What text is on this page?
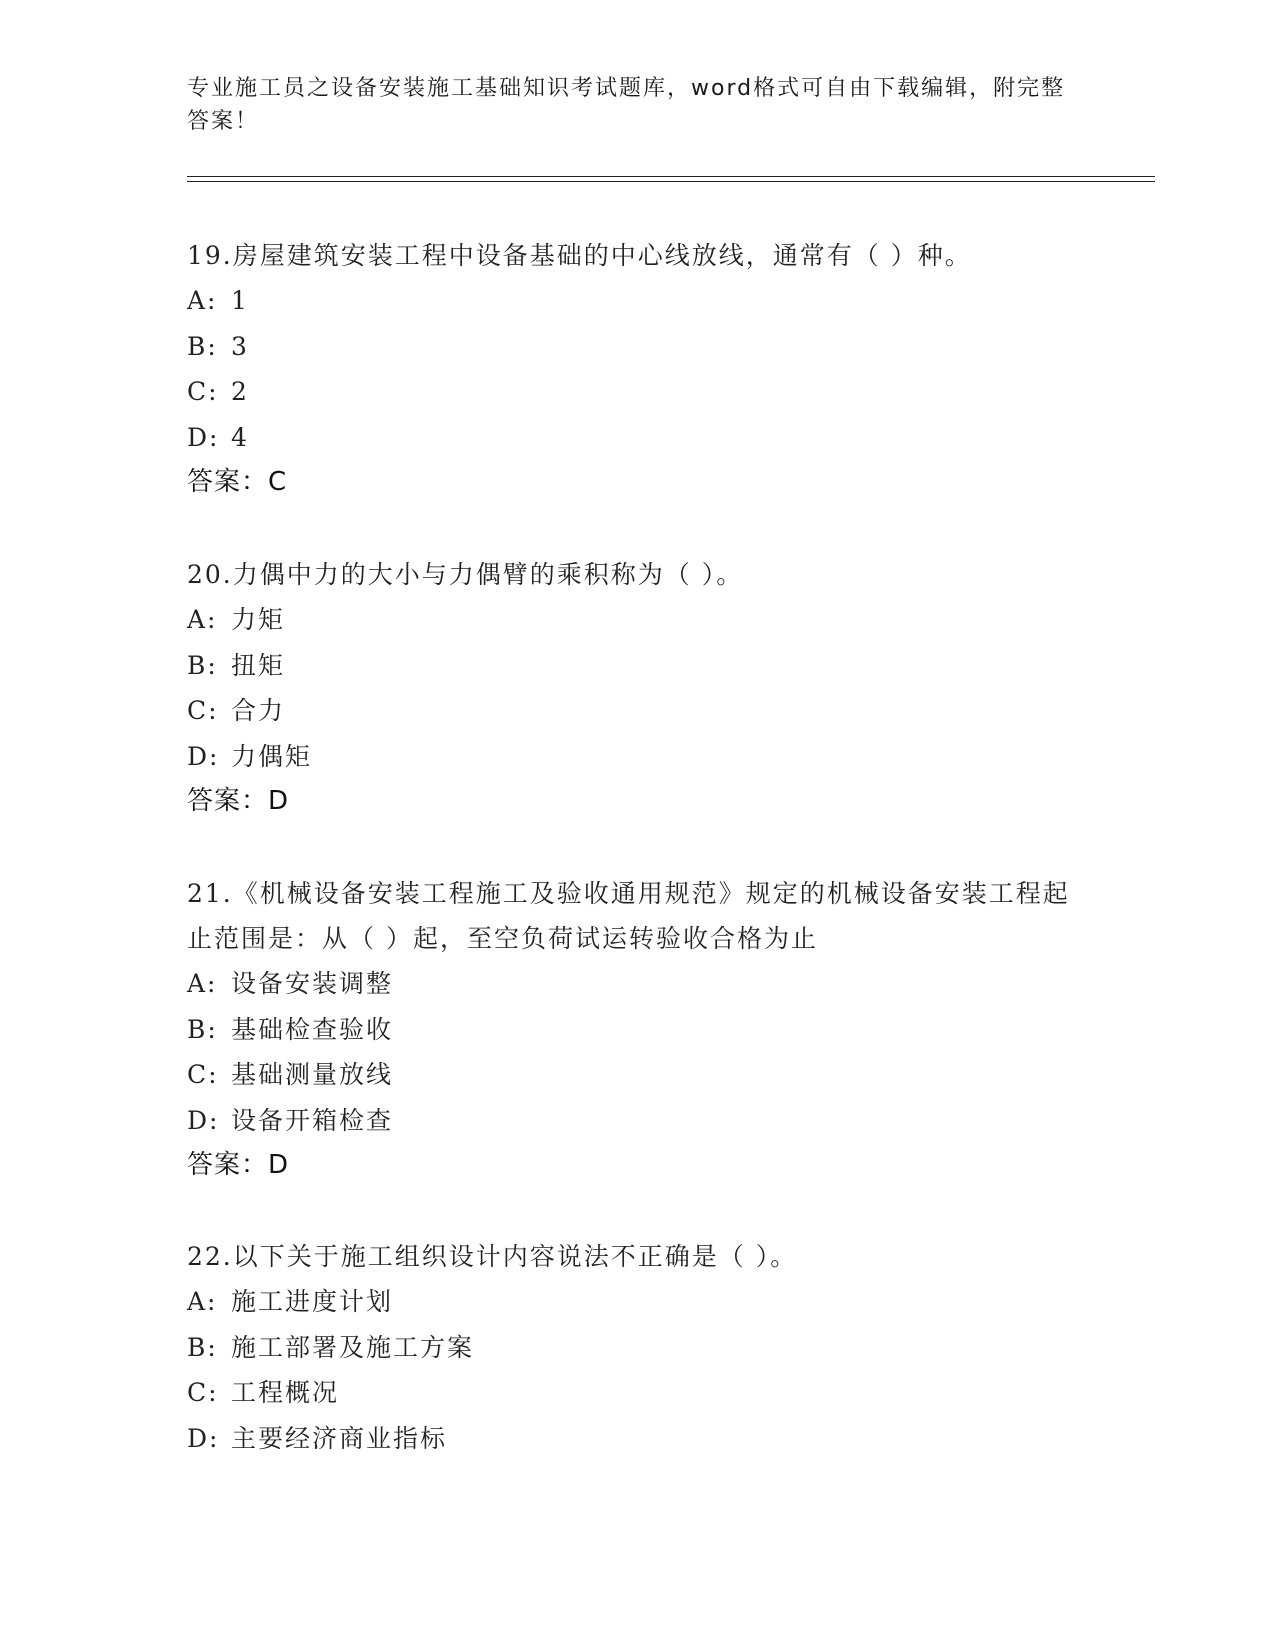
专业施工员之设备安装施工基础知识考试题库，word格式可自由下载编辑，附完整答案！

19.房屋建筑安装工程中设备基础的中心线放线，通常有（ ）种。

A: 1
B: 3
C: 2
D: 4
答案：C

20.力偶中力的大小与力偶臂的乘积称为（ ）。

A: 力矩
B: 扭矩
C: 合力
D: 力偶矩
答案：D

21.《机械设备安装工程施工及验收通用规范》规定的机械设备安装工程起止范围是：从（ ）起，至空负荷试运转验收合格为止

A: 设备安装调整
B: 基础检查验收
C: 基础测量放线
D: 设备开箱检查
答案：D

22.以下关于施工组织设计内容说法不正确是（ ）。

A: 施工进度计划
B: 施工部署及施工方案
C: 工程概况
D: 主要经济商业指标
